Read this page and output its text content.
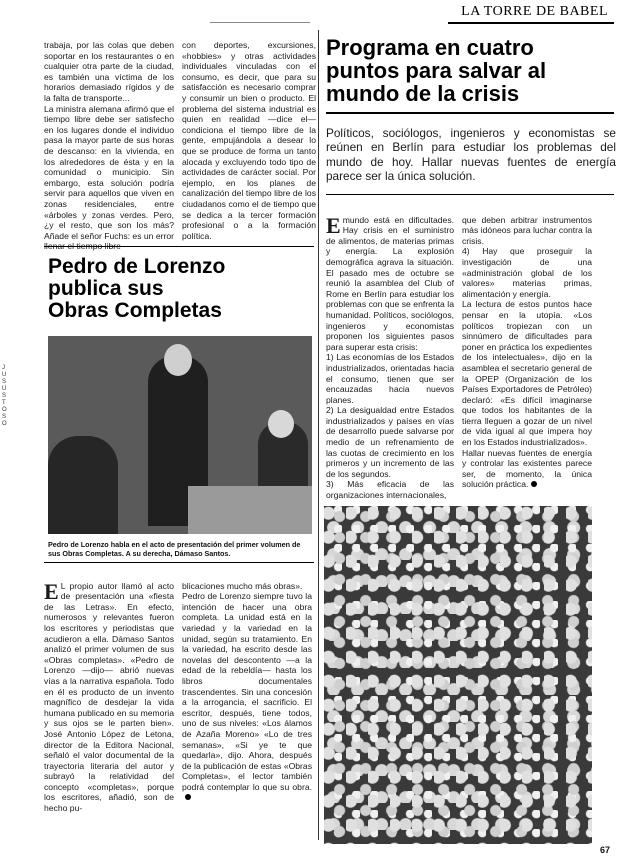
LA TORRE DE BABEL
J U S U S T O S O
trabaja, por las colas que deben soportar en los restaurantes o en cualquier otra parte de la ciudad, es también una víctima de los horarios demasiado rígidos y de la falta de transporte...
La ministra alemana afirmó que el tiempo libre debe ser satisfecho en los lugares donde el individuo pasa la mayor parte de sus horas de descanso: en la vivienda, en los alrededores de ésta y en la comunidad o municipio. Sin embargo, esta solución podría servir para aquellos que viven en zonas residenciales, entre «árboles y zonas verdes. Pero, ¿y el resto, que son los más? Añade el señor Fuchs: es un error
con deportes, excursiones, «hobbies» y otras actividades individuales vinculadas con el consumo, es decir, que para su satisfacción es necesario comprar y consumir un bien o producto. El problema del sistema industrial es quien en realidad —dice el— condiciona el tiempo libre de la gente, empujándola a desear lo que se produce de forma un tanto alocada y excluyendo todo tipo de actividades de carácter social. Por ejemplo, en los planes de canalización del tiempo libre de los ciudadanos como el de tiempo que se dedica a la tercer formación profesional o a la formación política.
Programa en cuatro
puntos para salvar al
mundo de la crisis
Políticos, sociólogos, ingenieros y economistas se reúnen en Berlín para estudiar los problemas del mundo de hoy. Hallar nuevas fuentes de energía parece ser la única solución.

Emundo está en dificultades. Hay crisis en el suministro de alimentos, de materias primas y energía. La explosión demográfica agrava la situación. El pasado mes de octubre se reunió la asamblea del Club of Rome en Berlín para estudiar los problemas con que se enfrenta la humanidad. Políticos, sociólogos, ingenieros y economistas proponen los siguientes pasos para superar esta crisis:
1) Las economías de los Estados industrializados, orientadas hacia el consumo, tienen que ser encauzadas hacia nuevos planes.
2) La desigualdad entre Estados industrializados y países en vías de desarrollo puede salvarse por medio de un refrenamiento de las cuotas de crecimiento en los primeros y un incremento de las de los segundos.
3) Más eficacia de las organizaciones internacionales,

que deben arbitrar instrumentos más idóneos para luchar contra la crisis.
4) Hay que proseguir la investigación de una «administración global de los valores» materias primas, alimentación y energía.
La lectura de estos puntos hace pensar en la utopía. «Los políticos tropiezan con un sinnúmero de dificultades para poner en práctica los expedientes de los intelectuales», dijo en la asamblea el secretario general de la OPEP (Organización de los Países Exportadores de Petróleo) declaró: «Es difícil imaginarse que todos los habitantes de la tierra lleguen a gozar de un nivel de vida igual al que impera hoy en los Estados industrializados».
Hallar nuevas fuentes de energía y controlar las existentes parece ser, de momento, la única solución práctica.

Pedro de Lorenzo
publica sus
Obras Completas
Pedro de Lorenzo habla en el acto de presentación del primer volumen de sus Obras Completas. A su derecha, Dámaso Santos.

E L propio autor llamó al acto de presentación una «fiesta de las Letras». En efecto, numerosos y relevantes fueron los escritores y periodistas que acudieron a ella. Dámaso Santos analizó el primer volumen de sus «Obras completas». «Pedro de Lorenzo —dijo— abrió nuevas vías a la narrativa española. Todo en él es producto de un invento magnífico de desdejar la vida humana publicado en su memoria y sus ojos se le parten bien». José Antonio López de Letona, director de la Editora Nacional, señaló el valor documental de la trayectoria literaria del autor y subrayó la relatividad del concepto «completas», porque los escritores, añadió, son de hecho pu-

blicaciones mucho más obras».
Pedro de Lorenzo siempre tuvo la intención de hacer una obra completa. La unidad está en la variedad y la variedad en la unidad, según su tratamiento. En la variedad, ha escrito desde las novelas del descontento —a la edad de la rebeldía— hasta los libros documentales trascendentes. Sin una concesión a la arrogancia, el sacrificio. El escritor, después, tiene todos, uno de sus niveles: «Los álamos de Azaña Moreno» «Lo de tres semanas», «Si ye te que quedarla», dijo. Ahora, después de la publicación de estas «Obras Completas», el lector también podrá contemplar lo que su obra.

67
